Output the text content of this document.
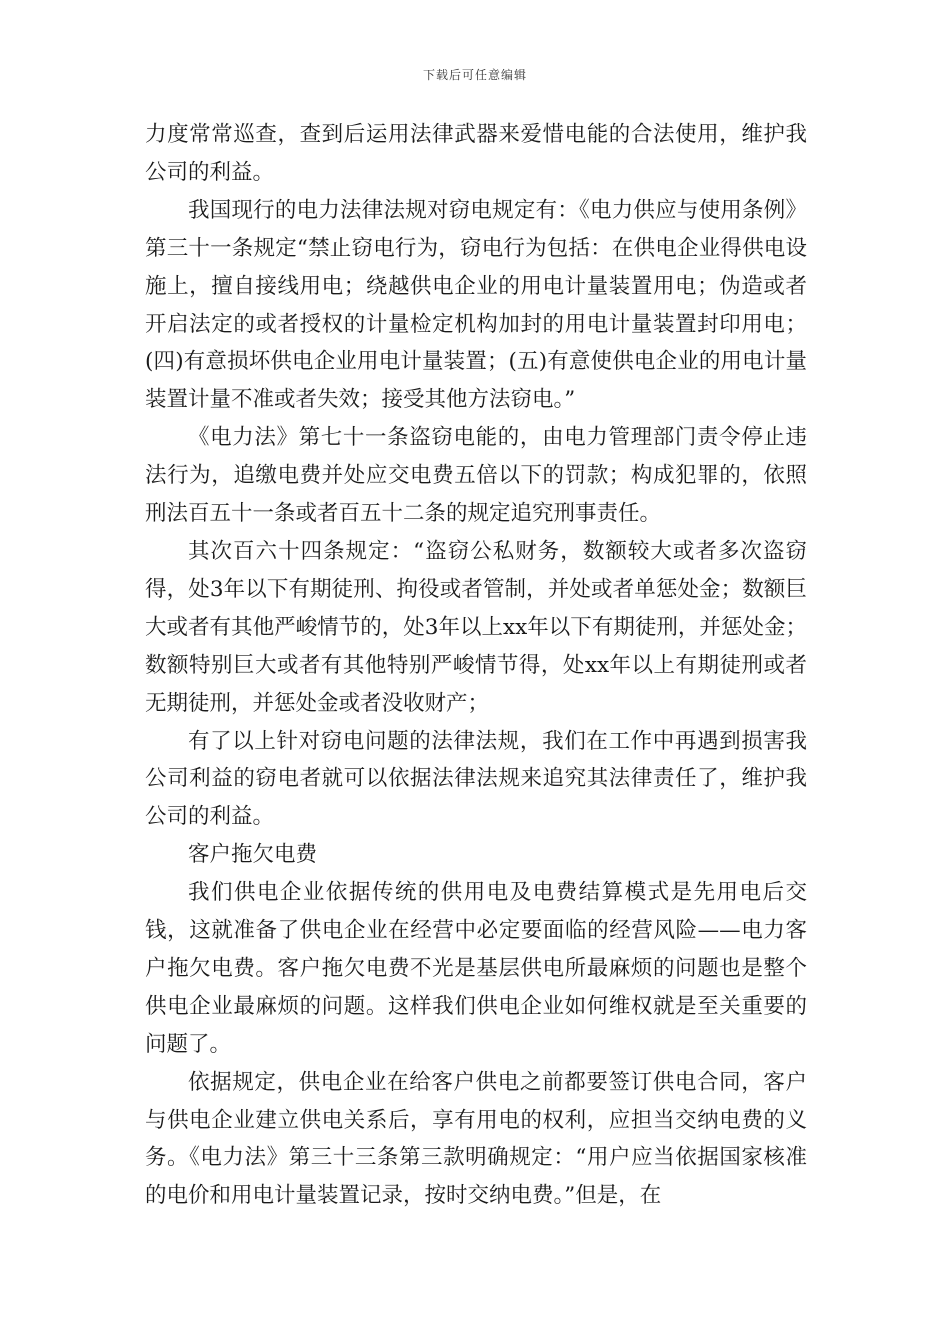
下载后可任意编辑

力度常常巡查，查到后运用法律武器来爱惜电能的合法使用，维护我公司的利益。

我国现行的电力法律法规对窃电规定有：《电力供应与使用条例》第三十一条规定“禁止窃电行为，窃电行为包括：在供电企业得供电设施上，擅自接线用电；绕越供电企业的用电计量装置用电；伪造或者开启法定的或者授权的计量检定机构加封的用电计量装置封印用电；(四)有意损坏供电企业用电计量装置；(五)有意使供电企业的用电计量装置计量不准或者失效；接受其他方法窃电。”

《电力法》第七十一条盗窃电能的，由电力管理部门责令停止违法行为，追缴电费并处应交电费五倍以下的罚款；构成犯罪的，依照刑法百五十一条或者百五十二条的规定追究刑事责任。

其次百六十四条规定：“盗窃公私财务，数额较大或者多次盗窃得，处3年以下有期徒刑、拘役或者管制，并处或者单惩处金；数额巨大或者有其他严峻情节的，处3年以上xx年以下有期徒刑，并惩处金；数额特别巨大或者有其他特别严峻情节得，处xx年以上有期徒刑或者无期徒刑，并惩处金或者没收财产；

有了以上针对窃电问题的法律法规，我们在工作中再遇到损害我公司利益的窃电者就可以依据法律法规来追究其法律责任了，维护我公司的利益。

客户拖欠电费

我们供电企业依据传统的供用电及电费结算模式是先用电后交钱，这就准备了供电企业在经营中必定要面临的经营风险——电力客户拖欠电费。客户拖欠电费不光是基层供电所最麻烦的问题也是整个供电企业最麻烦的问题。这样我们供电企业如何维权就是至关重要的问题了。

依据规定，供电企业在给客户供电之前都要签订供电合同，客户与供电企业建立供电关系后，享有用电的权利，应担当交纳电费的义务。《电力法》第三十三条第三款明确规定：“用户应当依据国家核准的电价和用电计量装置记录，按时交纳电费。”但是，在
